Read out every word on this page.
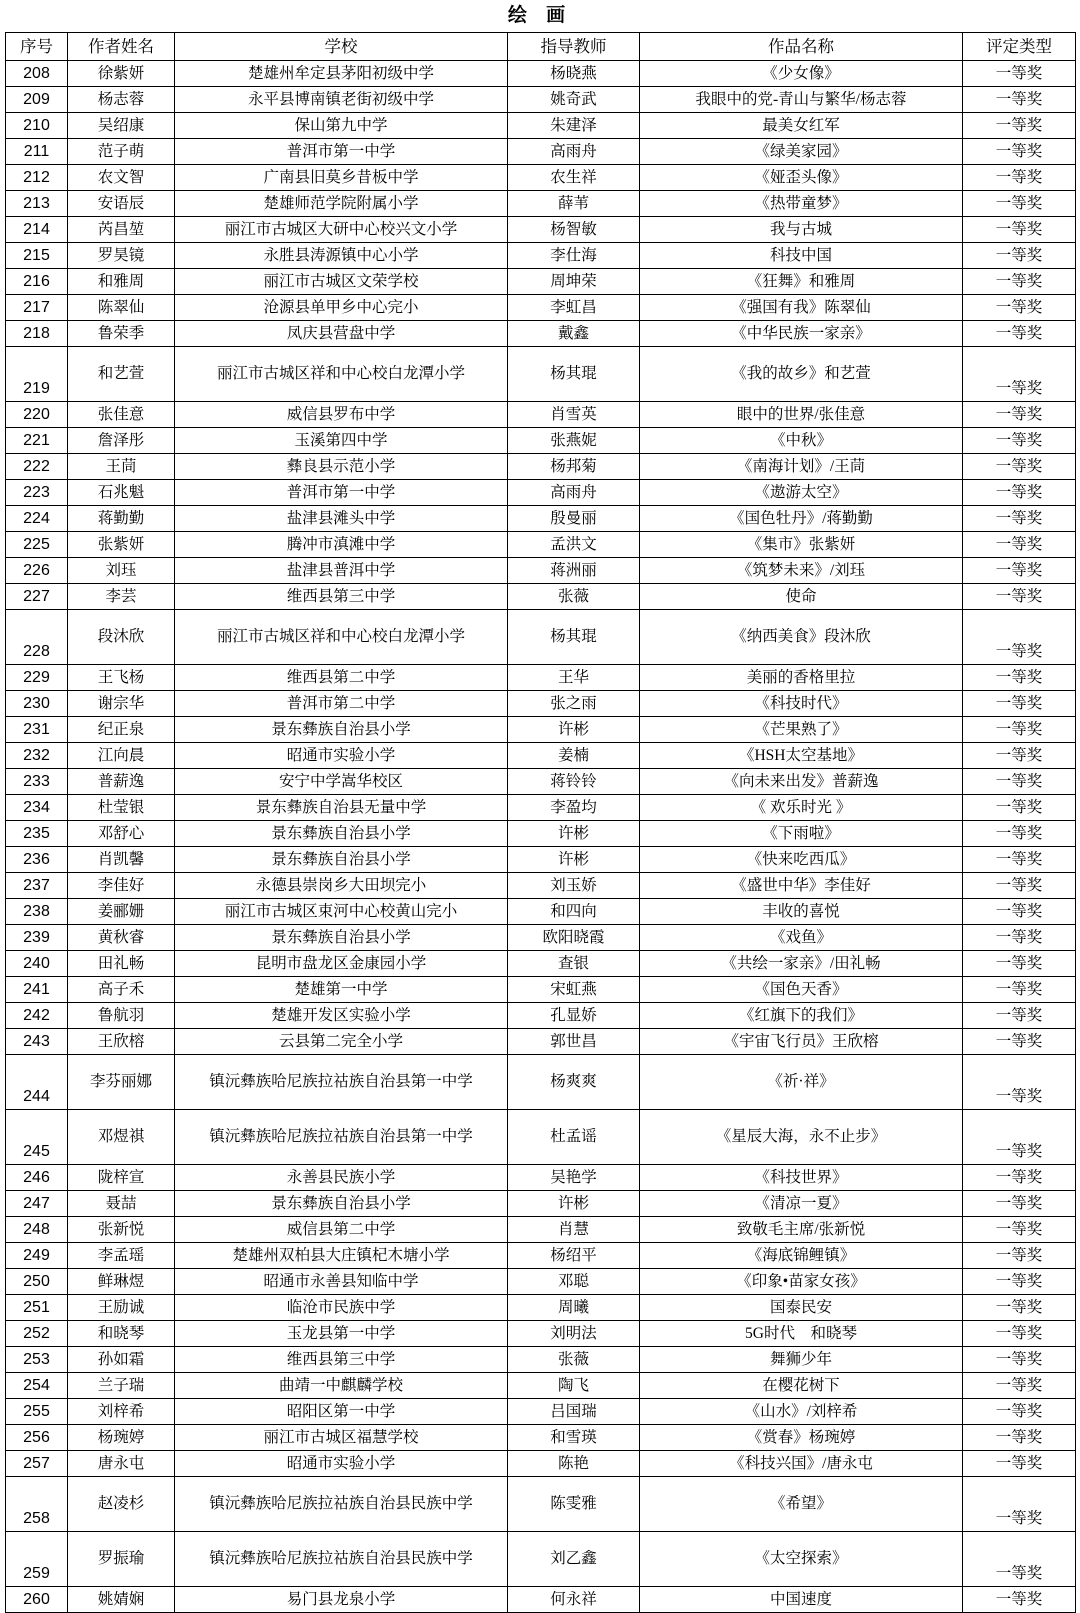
绘 画
序号	作者姓名	学校	指导教师	作品名称	评定类型
208	徐紫妍	楚雄州牟定县茅阳初级中学	杨晓燕	《少女像》	一等奖
209	杨志蓉	永平县博南镇老街初级中学	姚奇武	我眼中的党-青山与繁华/杨志蓉	一等奖
210	吴绍康	保山第九中学	朱建泽	最美女红军	一等奖
211	范子萌	普洱市第一中学	高雨舟	《绿美家园》	一等奖
212	农文智	广南县旧莫乡昔板中学	农生祥	《娅歪头像》	一等奖
213	安语辰	楚雄师范学院附属小学	薛苇	《热带童梦》	一等奖
214	芮昌堃	丽江市古城区大研中心校兴文小学	杨智敏	我与古城	一等奖
215	罗昊镜	永胜县涛源镇中心小学	李仕海	科技中国	一等奖
216	和雅周	丽江市古城区文荣学校	周坤荣	《狂舞》和雅周	一等奖
217	陈翠仙	沧源县单甲乡中心完小	李虹昌	《强国有我》陈翠仙	一等奖
218	鲁荣季	凤庆县营盘中学	戴鑫	《中华民族一家亲》	一等奖
219	和艺萱	丽江市古城区祥和中心校白龙潭小学	杨其琨	《我的故乡》和艺萱	一等奖
220	张佳意	威信县罗布中学	肖雪英	眼中的世界/张佳意	一等奖
221	詹泽彤	玉溪第四中学	张燕妮	《中秋》	一等奖
222	王茼	彝良县示范小学	杨邦菊	《南海计划》/王茼	一等奖
223	石兆魁	普洱市第一中学	高雨舟	《遨游太空》	一等奖
224	蒋勤勤	盐津县滩头中学	殷曼丽	《国色牡丹》/蒋勤勤	一等奖
225	张紫妍	腾冲市滇滩中学	孟洪文	《集市》张紫妍	一等奖
226	刘珏	盐津县普洱中学	蒋洲丽	《筑梦未来》/刘珏	一等奖
227	李芸	维西县第三中学	张薇	使命	一等奖
228	段沐欣	丽江市古城区祥和中心校白龙潭小学	杨其琨	《纳西美食》段沐欣	一等奖
229	王飞杨	维西县第二中学	王华	美丽的香格里拉	一等奖
230	谢宗华	普洱市第二中学	张之雨	《科技时代》	一等奖
231	纪正泉	景东彝族自治县小学	许彬	《芒果熟了》	一等奖
232	江向晨	昭通市实验小学	姜楠	《HSH太空基地》	一等奖
233	普薪逸	安宁中学嵩华校区	蒋铃铃	《向未来出发》普薪逸	一等奖
234	杜莹银	景东彝族自治县无量中学	李盈均	《 欢乐时光 》	一等奖
235	邓舒心	景东彝族自治县小学	许彬	《下雨啦》	一等奖
236	肖凯馨	景东彝族自治县小学	许彬	《快来吃西瓜》	一等奖
237	李佳好	永德县崇岗乡大田坝完小	刘玉娇	《盛世中华》李佳好	一等奖
238	姜郦姗	丽江市古城区束河中心校黄山完小	和四向	丰收的喜悦	一等奖
239	黄秋睿	景东彝族自治县小学	欧阳晓霞	《戏鱼》	一等奖
240	田礼畅	昆明市盘龙区金康园小学	查银	《共绘一家亲》/田礼畅	一等奖
241	高子禾	楚雄第一中学	宋虹燕	《国色天香》	一等奖
242	鲁航羽	楚雄开发区实验小学	孔显娇	《红旗下的我们》	一等奖
243	王欣榕	云县第二完全小学	郭世昌	《宇宙飞行员》王欣榕	一等奖
244	李芬丽娜	镇沅彝族哈尼族拉祜族自治县第一中学	杨爽爽	《祈·祥》	一等奖
245	邓煜祺	镇沅彝族哈尼族拉祜族自治县第一中学	杜孟谣	《星辰大海，永不止步》	一等奖
246	陇梓宣	永善县民族小学	吴艳学	《科技世界》	一等奖
247	聂喆	景东彝族自治县小学	许彬	《清凉一夏》	一等奖
248	张新悦	威信县第二中学	肖慧	致敬毛主席/张新悦	一等奖
249	李孟瑶	楚雄州双柏县大庄镇杞木塘小学	杨绍平	《海底锦鲤镇》	一等奖
250	鲜琳煜	昭通市永善县知临中学	邓聪	《印象•苗家女孩》	一等奖
251	王励诚	临沧市民族中学	周曦	国泰民安	一等奖
252	和晓琴	玉龙县第一中学	刘明法	5G时代　和晓琴	一等奖
253	孙如霜	维西县第三中学	张薇	舞狮少年	一等奖
254	兰子瑞	曲靖一中麒麟学校	陶飞	在樱花树下	一等奖
255	刘梓希	昭阳区第一中学	吕国瑞	《山水》/刘梓希	一等奖
256	杨琬婷	丽江市古城区福慧学校	和雪瑛	《赏春》杨琬婷	一等奖
257	唐永屯	昭通市实验小学	陈艳	《科技兴国》/唐永屯	一等奖
258	赵凌杉	镇沅彝族哈尼族拉祜族自治县民族中学	陈雯雅	《希望》	一等奖
259	罗振瑜	镇沅彝族哈尼族拉祜族自治县民族中学	刘乙鑫	《太空探索》	一等奖
260	姚婧娴	易门县龙泉小学	何永祥	中国速度	一等奖
